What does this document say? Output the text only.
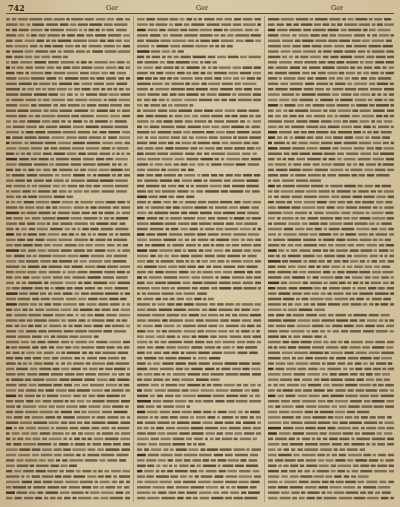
742	Ger	Ger	Ger
